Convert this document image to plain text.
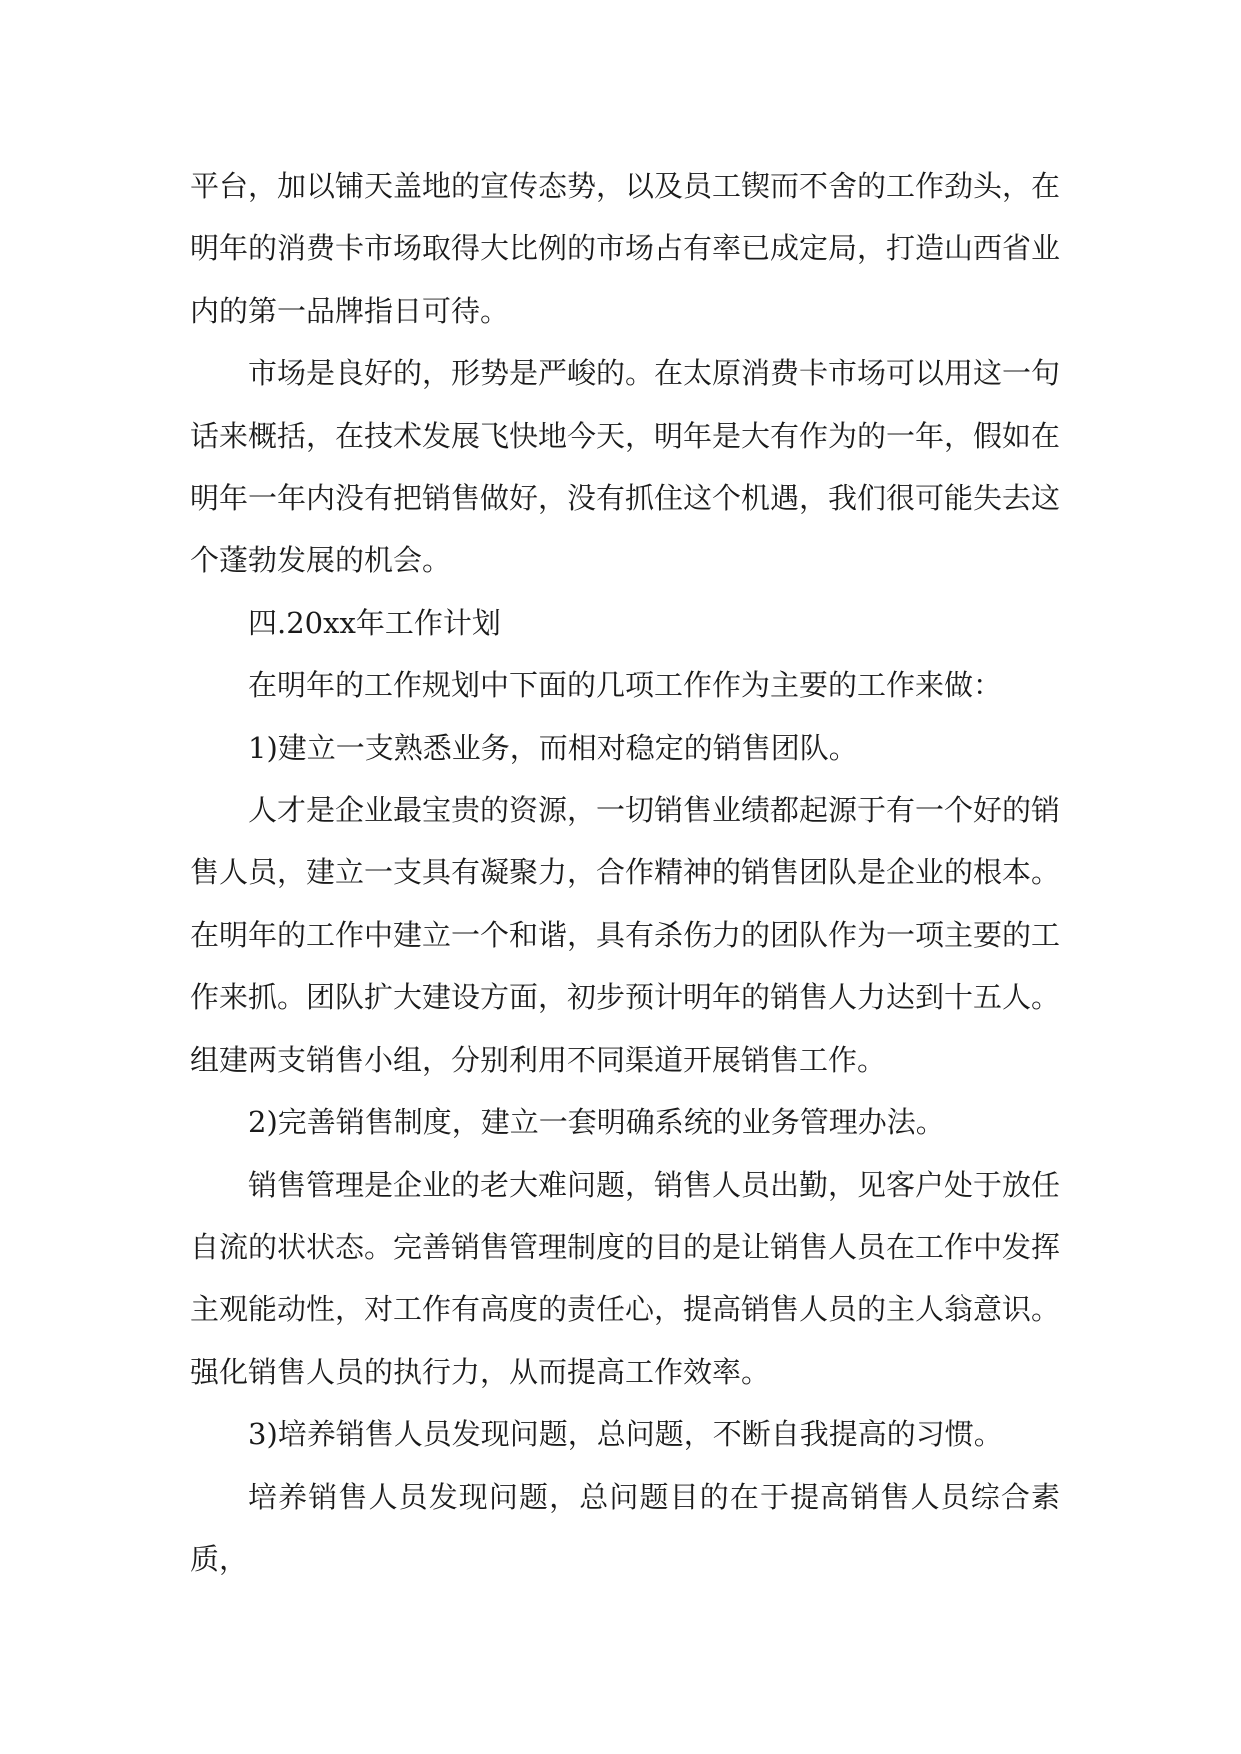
平台，加以铺天盖地的宣传态势，以及员工锲而不舍的工作劲头，在明年的消费卡市场取得大比例的市场占有率已成定局，打造山西省业内的第一品牌指日可待。

市场是良好的，形势是严峻的。在太原消费卡市场可以用这一句话来概括，在技术发展飞快地今天，明年是大有作为的一年，假如在明年一年内没有把销售做好，没有抓住这个机遇，我们很可能失去这个蓬勃发展的机会。

四.20xx年工作计划

在明年的工作规划中下面的几项工作作为主要的工作来做：

1)建立一支熟悉业务，而相对稳定的销售团队。

人才是企业最宝贵的资源，一切销售业绩都起源于有一个好的销售人员，建立一支具有凝聚力，合作精神的销售团队是企业的根本。在明年的工作中建立一个和谐，具有杀伤力的团队作为一项主要的工作来抓。团队扩大建设方面，初步预计明年的销售人力达到十五人。组建两支销售小组，分别利用不同渠道开展销售工作。

2)完善销售制度，建立一套明确系统的业务管理办法。

销售管理是企业的老大难问题，销售人员出勤，见客户处于放任自流的状状态。完善销售管理制度的目的是让销售人员在工作中发挥主观能动性，对工作有高度的责任心，提高销售人员的主人翁意识。强化销售人员的执行力，从而提高工作效率。

3)培养销售人员发现问题，总问题，不断自我提高的习惯。

培养销售人员发现问题，总问题目的在于提高销售人员综合素质，
